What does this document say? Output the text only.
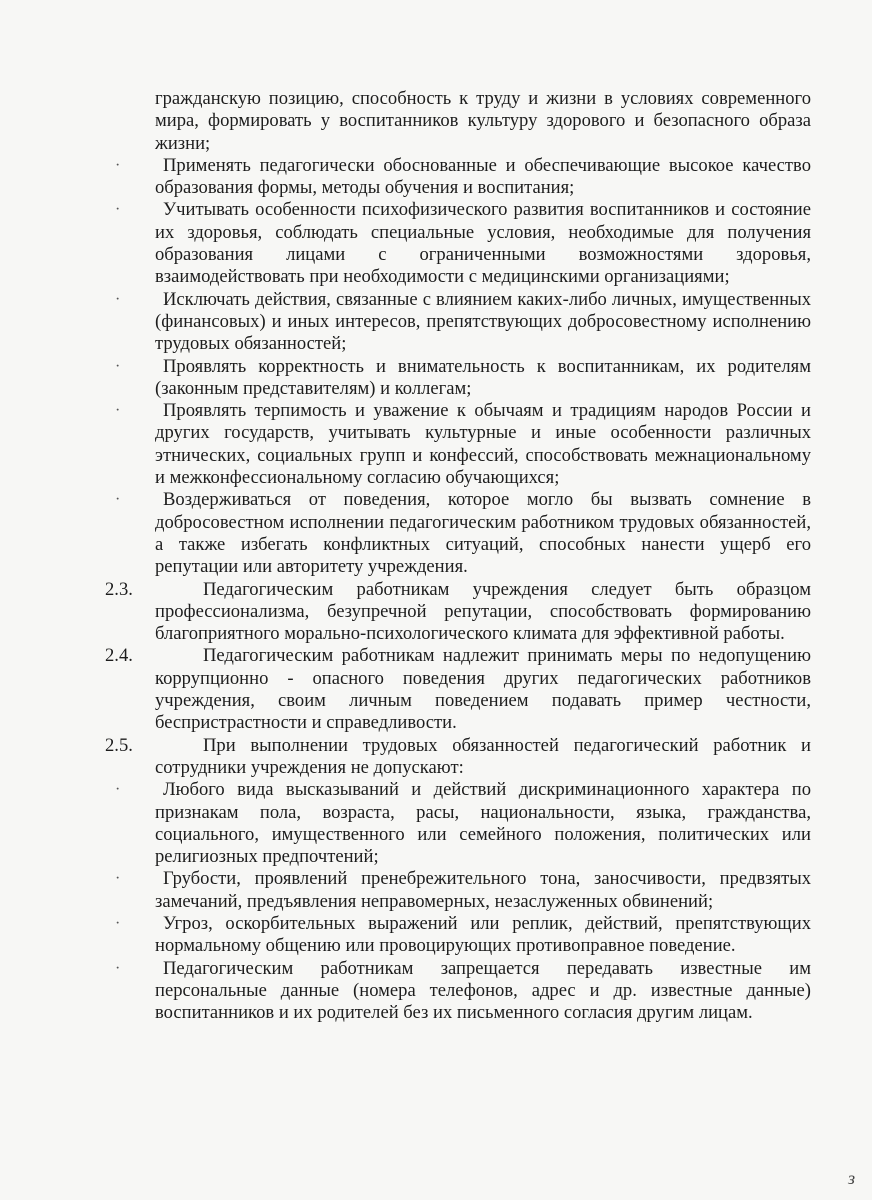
гражданскую позицию, способность к труду и жизни в условиях современного мира, формировать у воспитанников культуру здорового и безопасного образа жизни;
· Применять педагогически обоснованные и обеспечивающие высокое качество образования формы, методы обучения и воспитания;
· Учитывать особенности психофизического развития воспитанников и состояние их здоровья, соблюдать специальные условия, необходимые для получения образования лицами с ограниченными возможностями здоровья, взаимодействовать при необходимости с медицинскими организациями;
· Исключать действия, связанные с влиянием каких-либо личных, имущественных (финансовых) и иных интересов, препятствующих добросовестному исполнению трудовых обязанностей;
· Проявлять корректность и внимательность к воспитанникам, их родителям (законным представителям) и коллегам;
· Проявлять терпимость и уважение к обычаям и традициям народов России и других государств, учитывать культурные и иные особенности различных этнических, социальных групп и конфессий, способствовать межнациональному и межконфессиональному согласию обучающихся;
· Воздерживаться от поведения, которое могло бы вызвать сомнение в добросовестном исполнении педагогическим работником трудовых обязанностей, а также избегать конфликтных ситуаций, способных нанести ущерб его репутации или авторитету учреждения.
2.3.	Педагогическим работникам учреждения следует быть образцом профессионализма, безупречной репутации, способствовать формированию благоприятного морально-психологического климата для эффективной работы.
2.4.	Педагогическим работникам надлежит принимать меры по недопущению коррупционно - опасного поведения других педагогических работников учреждения, своим личным поведением подавать пример честности, беспристрастности и справедливости.
2.5.	При выполнении трудовых обязанностей педагогический работник и сотрудники учреждения не допускают:
· Любого вида высказываний и действий дискриминационного характера по признакам пола, возраста, расы, национальности, языка, гражданства, социального, имущественного или семейного положения, политических или религиозных предпочтений;
· Грубости, проявлений пренебрежительного тона, заносчивости, предвзятых замечаний, предъявления неправомерных, незаслуженных обвинений;
· Угроз, оскорбительных выражений или реплик, действий, препятствующих нормальному общению или провоцирующих противоправное поведение.
· Педагогическим работникам запрещается передавать известные им персональные данные (номера телефонов, адрес и др. известные данные) воспитанников и их родителей без их письменного согласия другим лицам.
з
